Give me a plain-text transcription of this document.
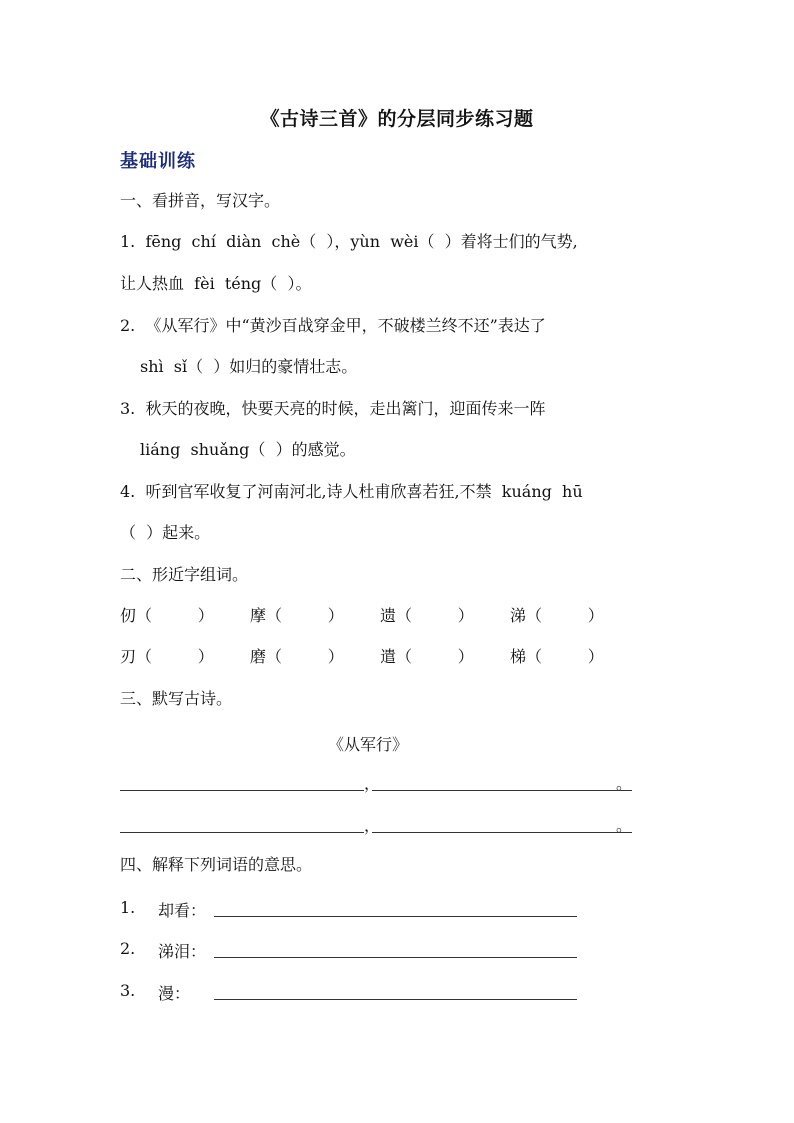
《古诗三首》的分层同步练习题
基础训练
一、看拼音，写汉字。
1.  fēng  chí  diàn  chè（  ），yùn  wèi（  ）着将士们的气势,
让人热血  fèi  téng（  ）。
2.  《从军行》中“黄沙百战穿金甲，不破楼兰终不还”表达了
shì  sǐ（  ）如归的豪情壮志。
3.  秋天的夜晚，快要天亮的时候，走出篱门，迎面传来一阵
liáng  shuǎng（  ）的感觉。
4.  听到官军收复了河南河北,诗人杜甫欣喜若狂,不禁  kuáng  hū
（  ）起来。
二、形近字组词。
仞（         ） 摩（         ） 遗（         ） 涕（         ）
刃（         ） 磨（         ） 遣（         ） 梯（         ）
三、默写古诗。
《从军行》
，	。
，	。
四、解释下列词语的意思。
1. 却看：
2. 涕泪：
3. 漫：
